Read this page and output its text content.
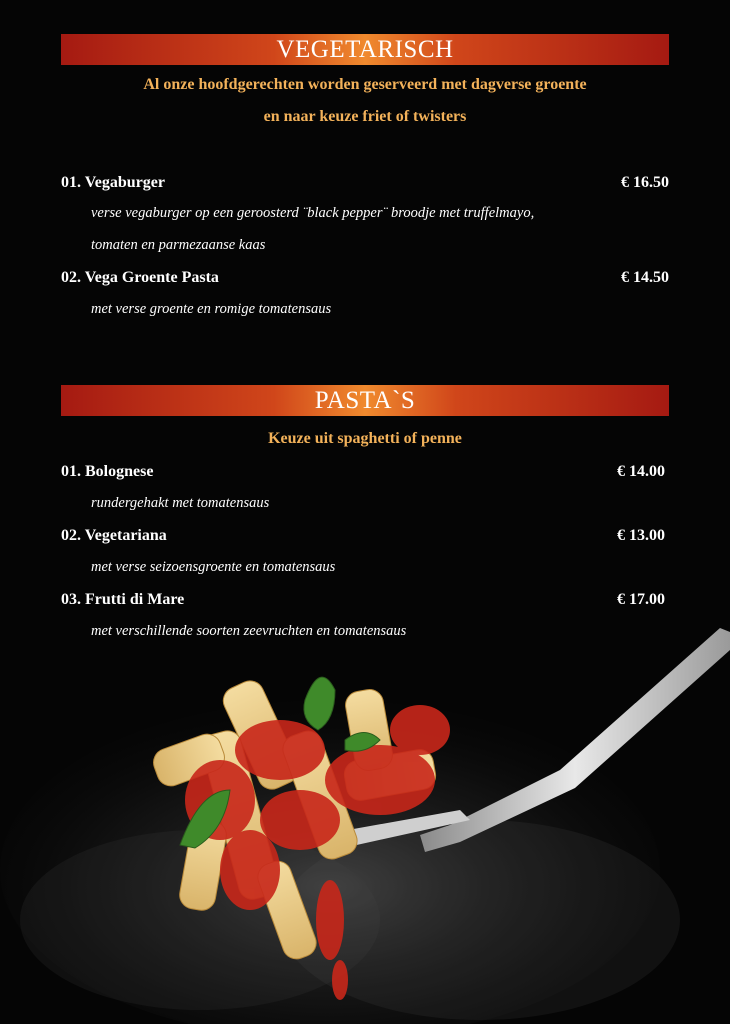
VEGETARISCH
Al onze hoofdgerechten worden geserveerd met dagverse groente
en naar keuze friet of twisters
01. Vegaburger	€ 16.50
verse vegaburger op een geroosterd ¨black pepper¨ broodje met truffelmayo,
tomaten en parmezaanse kaas
02. Vega Groente Pasta	€ 14.50
met verse groente en romige tomatensaus
PASTA`S
Keuze uit spaghetti of penne
01. Bolognese	€ 14.00
rundergehakt met tomatensaus
02. Vegetariana	€ 13.00
met verse seizoensgroente en tomatensaus
03. Frutti di Mare	€ 17.00
met verschillende soorten zeevruchten en tomatensaus
